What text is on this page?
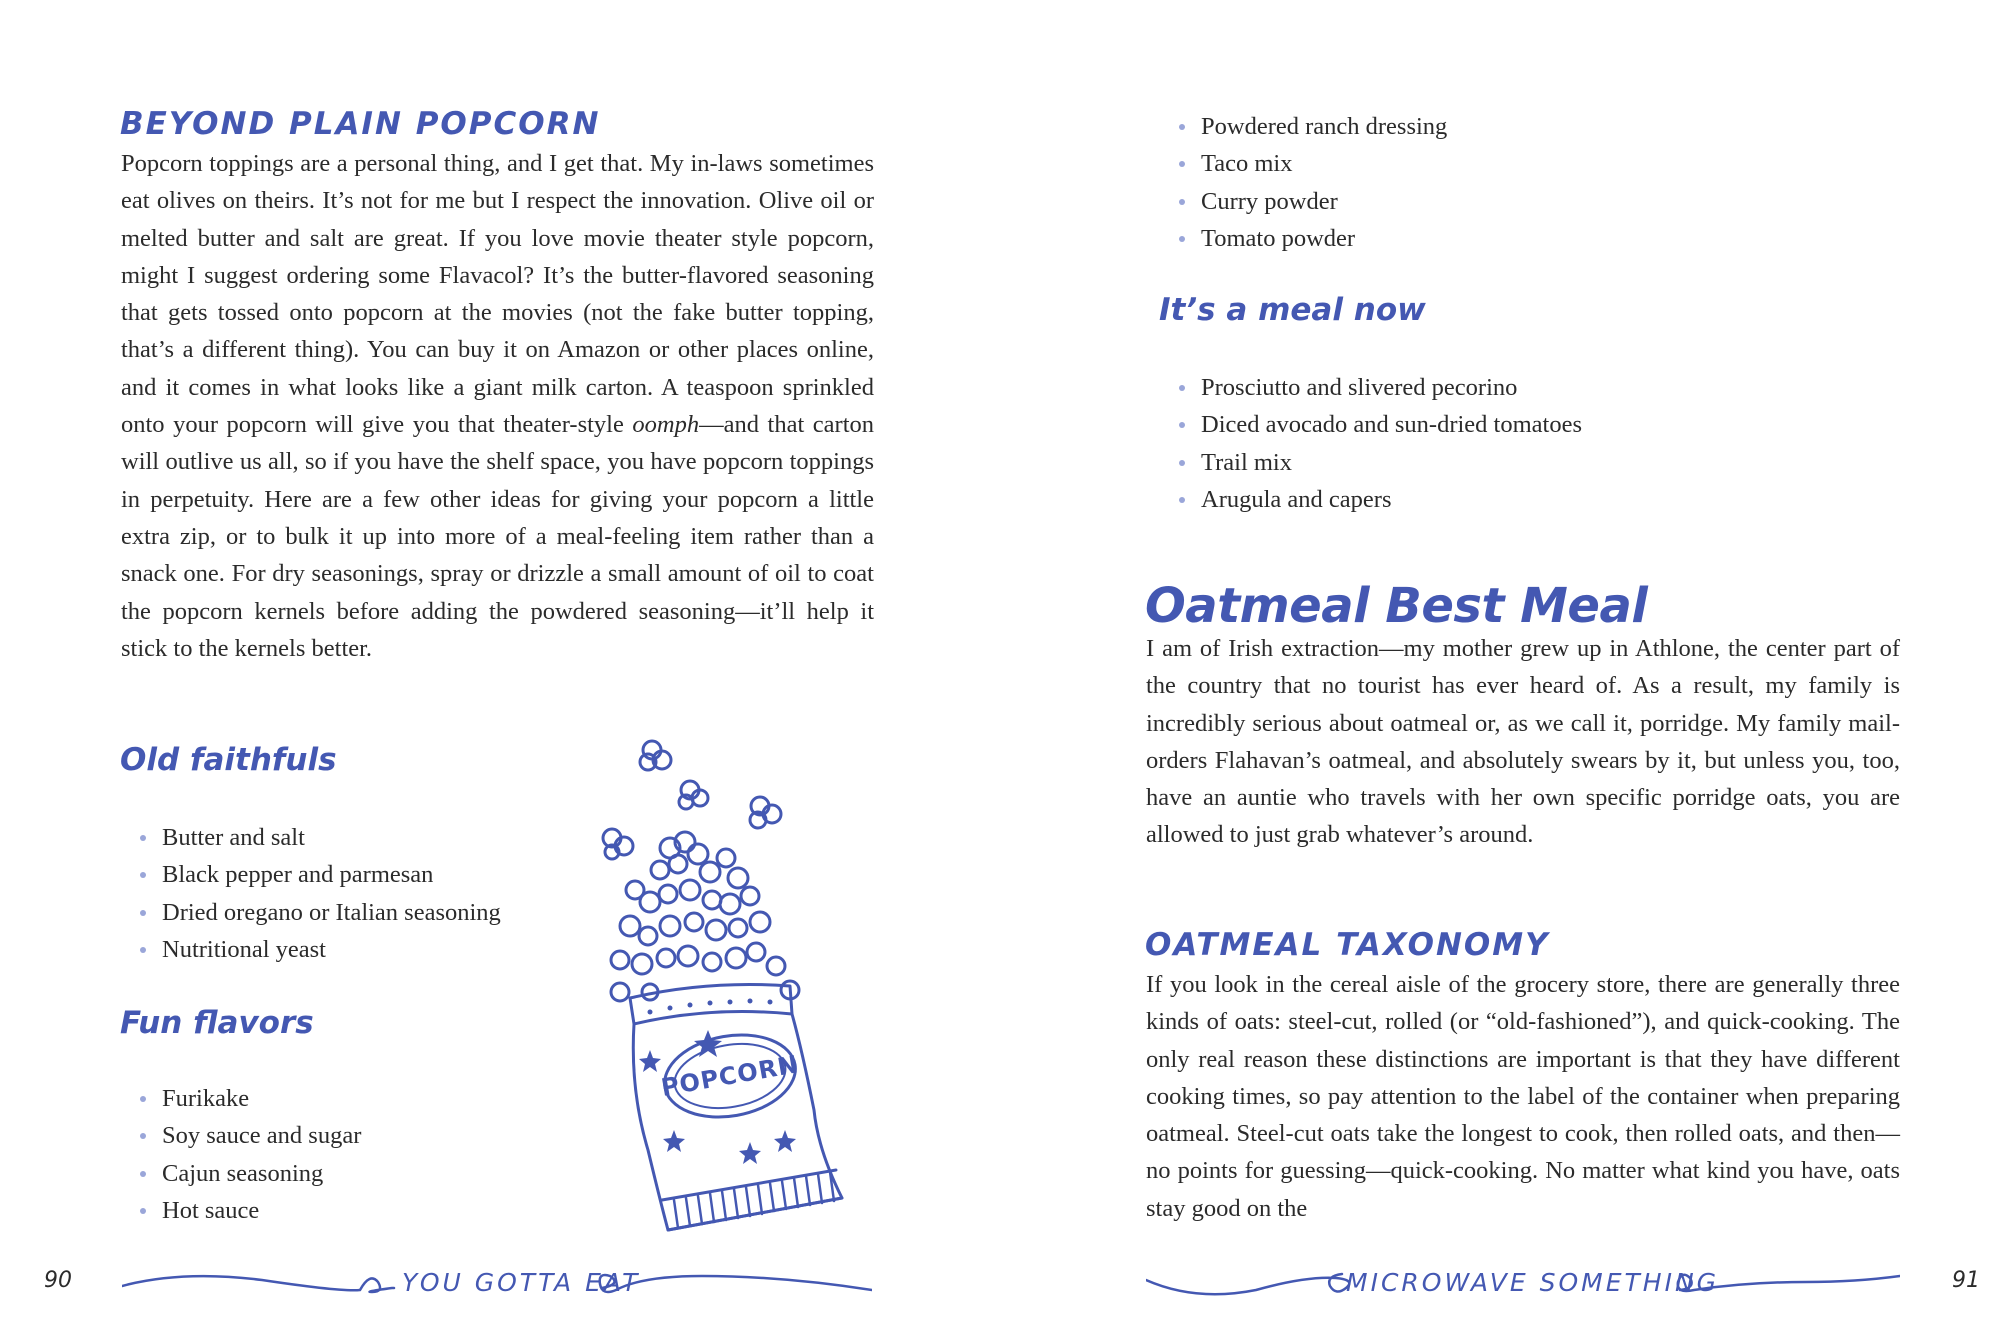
BEYOND PLAIN POPCORN

Popcorn toppings are a personal thing, and I get that. My in-laws sometimes eat olives on theirs. It’s not for me but I respect the innovation. Olive oil or melted butter and salt are great. If you love movie theater style popcorn, might I suggest ordering some Flavacol? It’s the butter-flavored seasoning that gets tossed onto popcorn at the movies (not the fake butter topping, that’s a different thing). You can buy it on Amazon or other places online, and it comes in what looks like a giant milk carton. A teaspoon sprinkled onto your popcorn will give you that theater-style oomph—and that carton will outlive us all, so if you have the shelf space, you have popcorn toppings in perpetuity. Here are a few other ideas for giving your popcorn a little extra zip, or to bulk it up into more of a meal-feeling item rather than a snack one. For dry seasonings, spray or drizzle a small amount of oil to coat the popcorn kernels before adding the powdered seasoning—it’ll help it stick to the kernels better.

Old faithfuls
Butter and salt
Black pepper and parmesan
Dried oregano or Italian seasoning
Nutritional yeast
Fun flavors
Furikake
Soy sauce and sugar
Cajun seasoning
Hot sauce
POPCORN
YOU GOTTA EAT
90
Powdered ranch dressing
Taco mix
Curry powder
Tomato powder
It’s a meal now
Prosciutto and slivered pecorino
Diced avocado and sun-dried tomatoes
Trail mix
Arugula and capers
Oatmeal Best Meal

I am of Irish extraction—my mother grew up in Athlone, the center part of the country that no tourist has ever heard of. As a result, my family is incredibly serious about oatmeal or, as we call it, porridge. My family mail-orders Flahavan’s oatmeal, and absolutely swears by it, but unless you, too, have an auntie who travels with her own specific porridge oats, you are allowed to just grab whatever’s around.

OATMEAL TAXONOMY

If you look in the cereal aisle of the grocery store, there are generally three kinds of oats: steel-cut, rolled (or “old-fashioned”), and quick-cooking. The only real reason these distinctions are important is that they have different cooking times, so pay attention to the label of the container when preparing oatmeal. Steel-cut oats take the longest to cook, then rolled oats, and then—no points for guessing—quick-cooking. No matter what kind you have, oats stay good on the

MICROWAVE SOMETHING	91
